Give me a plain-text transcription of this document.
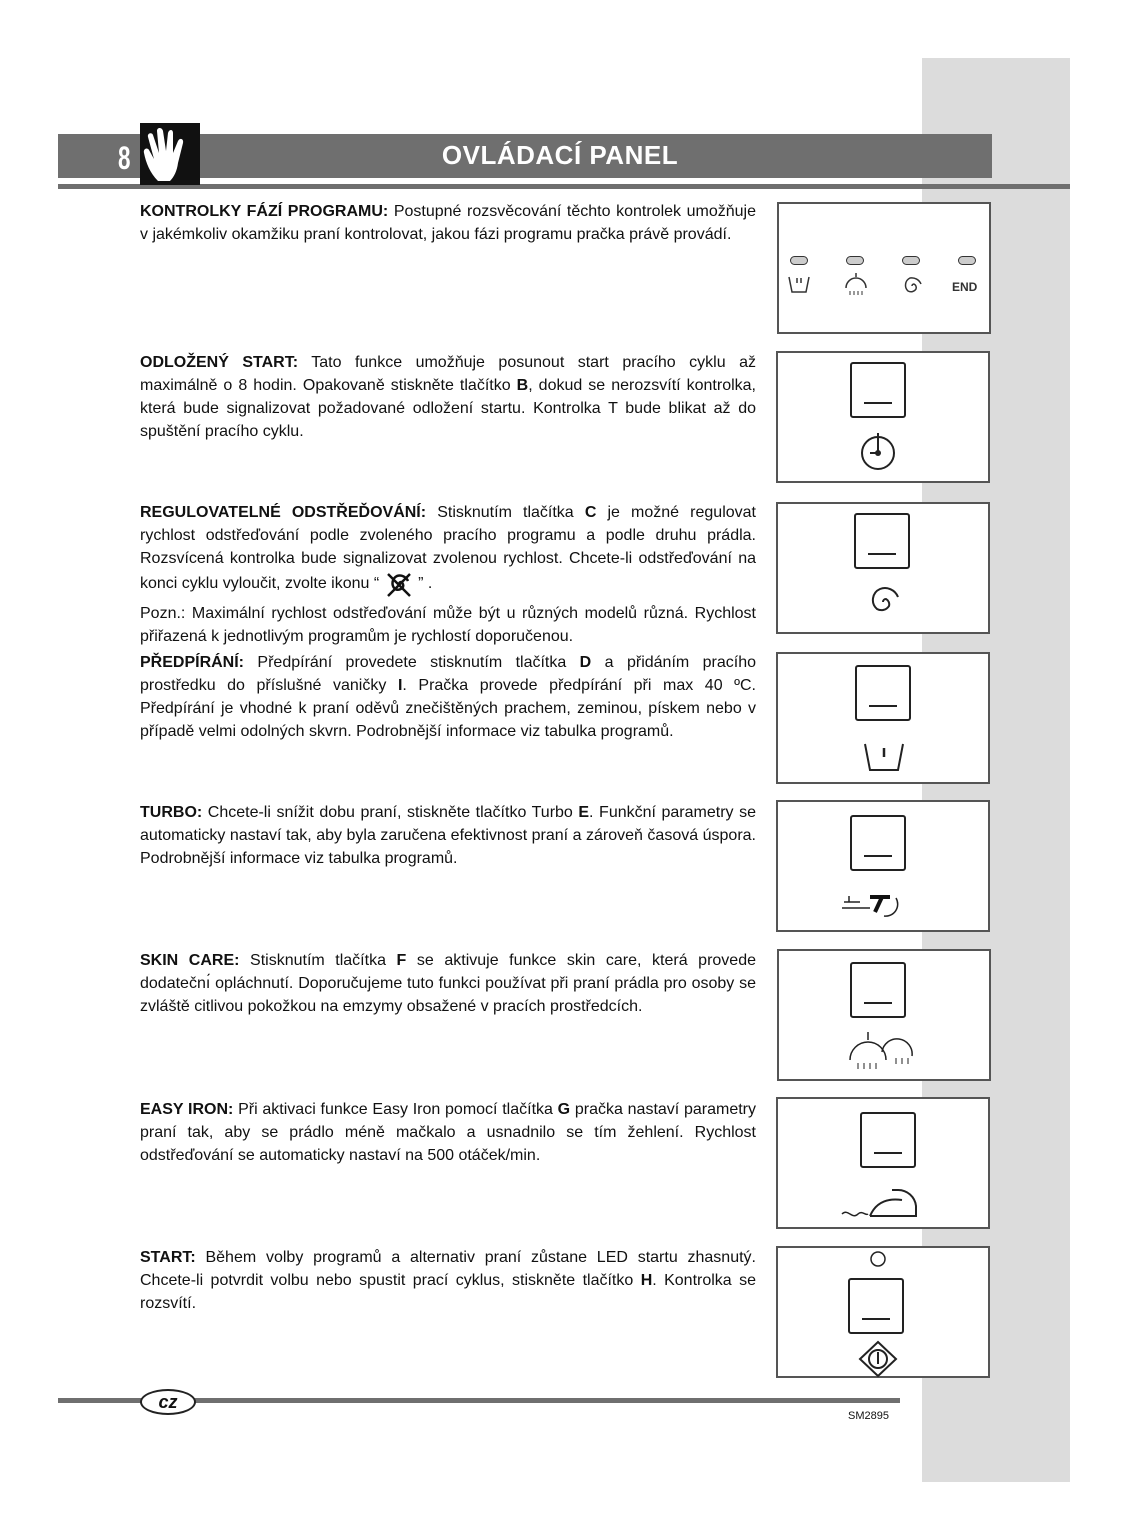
8	OVLÁDACÍ PANEL

KONTROLKY FÁZÍ PROGRAMU: Postupné rozsvěcování těchto kontrolek umožňuje v jakémkoliv okamžiku praní kontrolovat, jakou fázi programu pračka právě provádí.

END

ODLOŽENÝ START: Tato funkce umožňuje posunout start pracího cyklu až maximálně o 8 hodin. Opakovaně stiskněte tlačítko B, dokud se nerozsvítí kontrolka, která bude signalizovat požadované odložení startu. Kontrolka T bude blikat až do spuštění pracího cyklu.

REGULOVATELNÉ ODSTŘEĎOVÁNÍ: Stisknutím tlačítka C je možné regulovat rychlost odstřeďování podle zvoleného pracího programu a podle druhu prádla. Rozsvícená kontrolka bude signalizovat zvolenou rychlost. Chcete-li odstřeďování na konci cyklu vyloučit, zvolte ikonu “  ” .

Pozn.: Maximální rychlost odstřeďování může být u různých modelů různá. Rychlost přiřazená k jednotlivým programům je rychlostí doporučenou.

PŘEDPÍRÁNÍ: Předpírání provedete stisknutím tlačítka D a přidáním pracího prostředku do příslušné vaničky I. Pračka provede předpírání při max 40 ºC. Předpírání je vhodné k praní oděvů znečištěných prachem, zeminou, pískem nebo v případě velmi odolných skvrn. Podrobnější informace viz tabulka programů.

TURBO: Chcete-li snížit dobu praní, stiskněte tlačítko Turbo E. Funkční parametry se automaticky nastaví tak, aby byla zaručena efektivnost praní a zároveň časová úspora. Podrobnější informace viz tabulka programů.

SKIN CARE: Stisknutím tlačítka F se aktivuje funkce skin care, která provede dodatečnı́ opláchnutí. Doporučujeme tuto funkci používat při praní prádla pro osoby se zvláště citlivou pokožkou na emzymy obsažené v pracích prostředcích.

EASY IRON: Při aktivaci funkce Easy Iron pomocí tlačítka G pračka nastaví parametry praní tak, aby se prádlo méně mačkalo a usnadnilo se tím žehlení. Rychlost odstřeďování se automaticky nastaví na 500 otáček/min.

START: Během volby programů a alternativ praní zůstane LED startu zhasnutý. Chcete-li potvrdit volbu nebo spustit prací cyklus, stiskněte tlačítko H. Kontrolka se rozsvítí.

cz
SM2895
